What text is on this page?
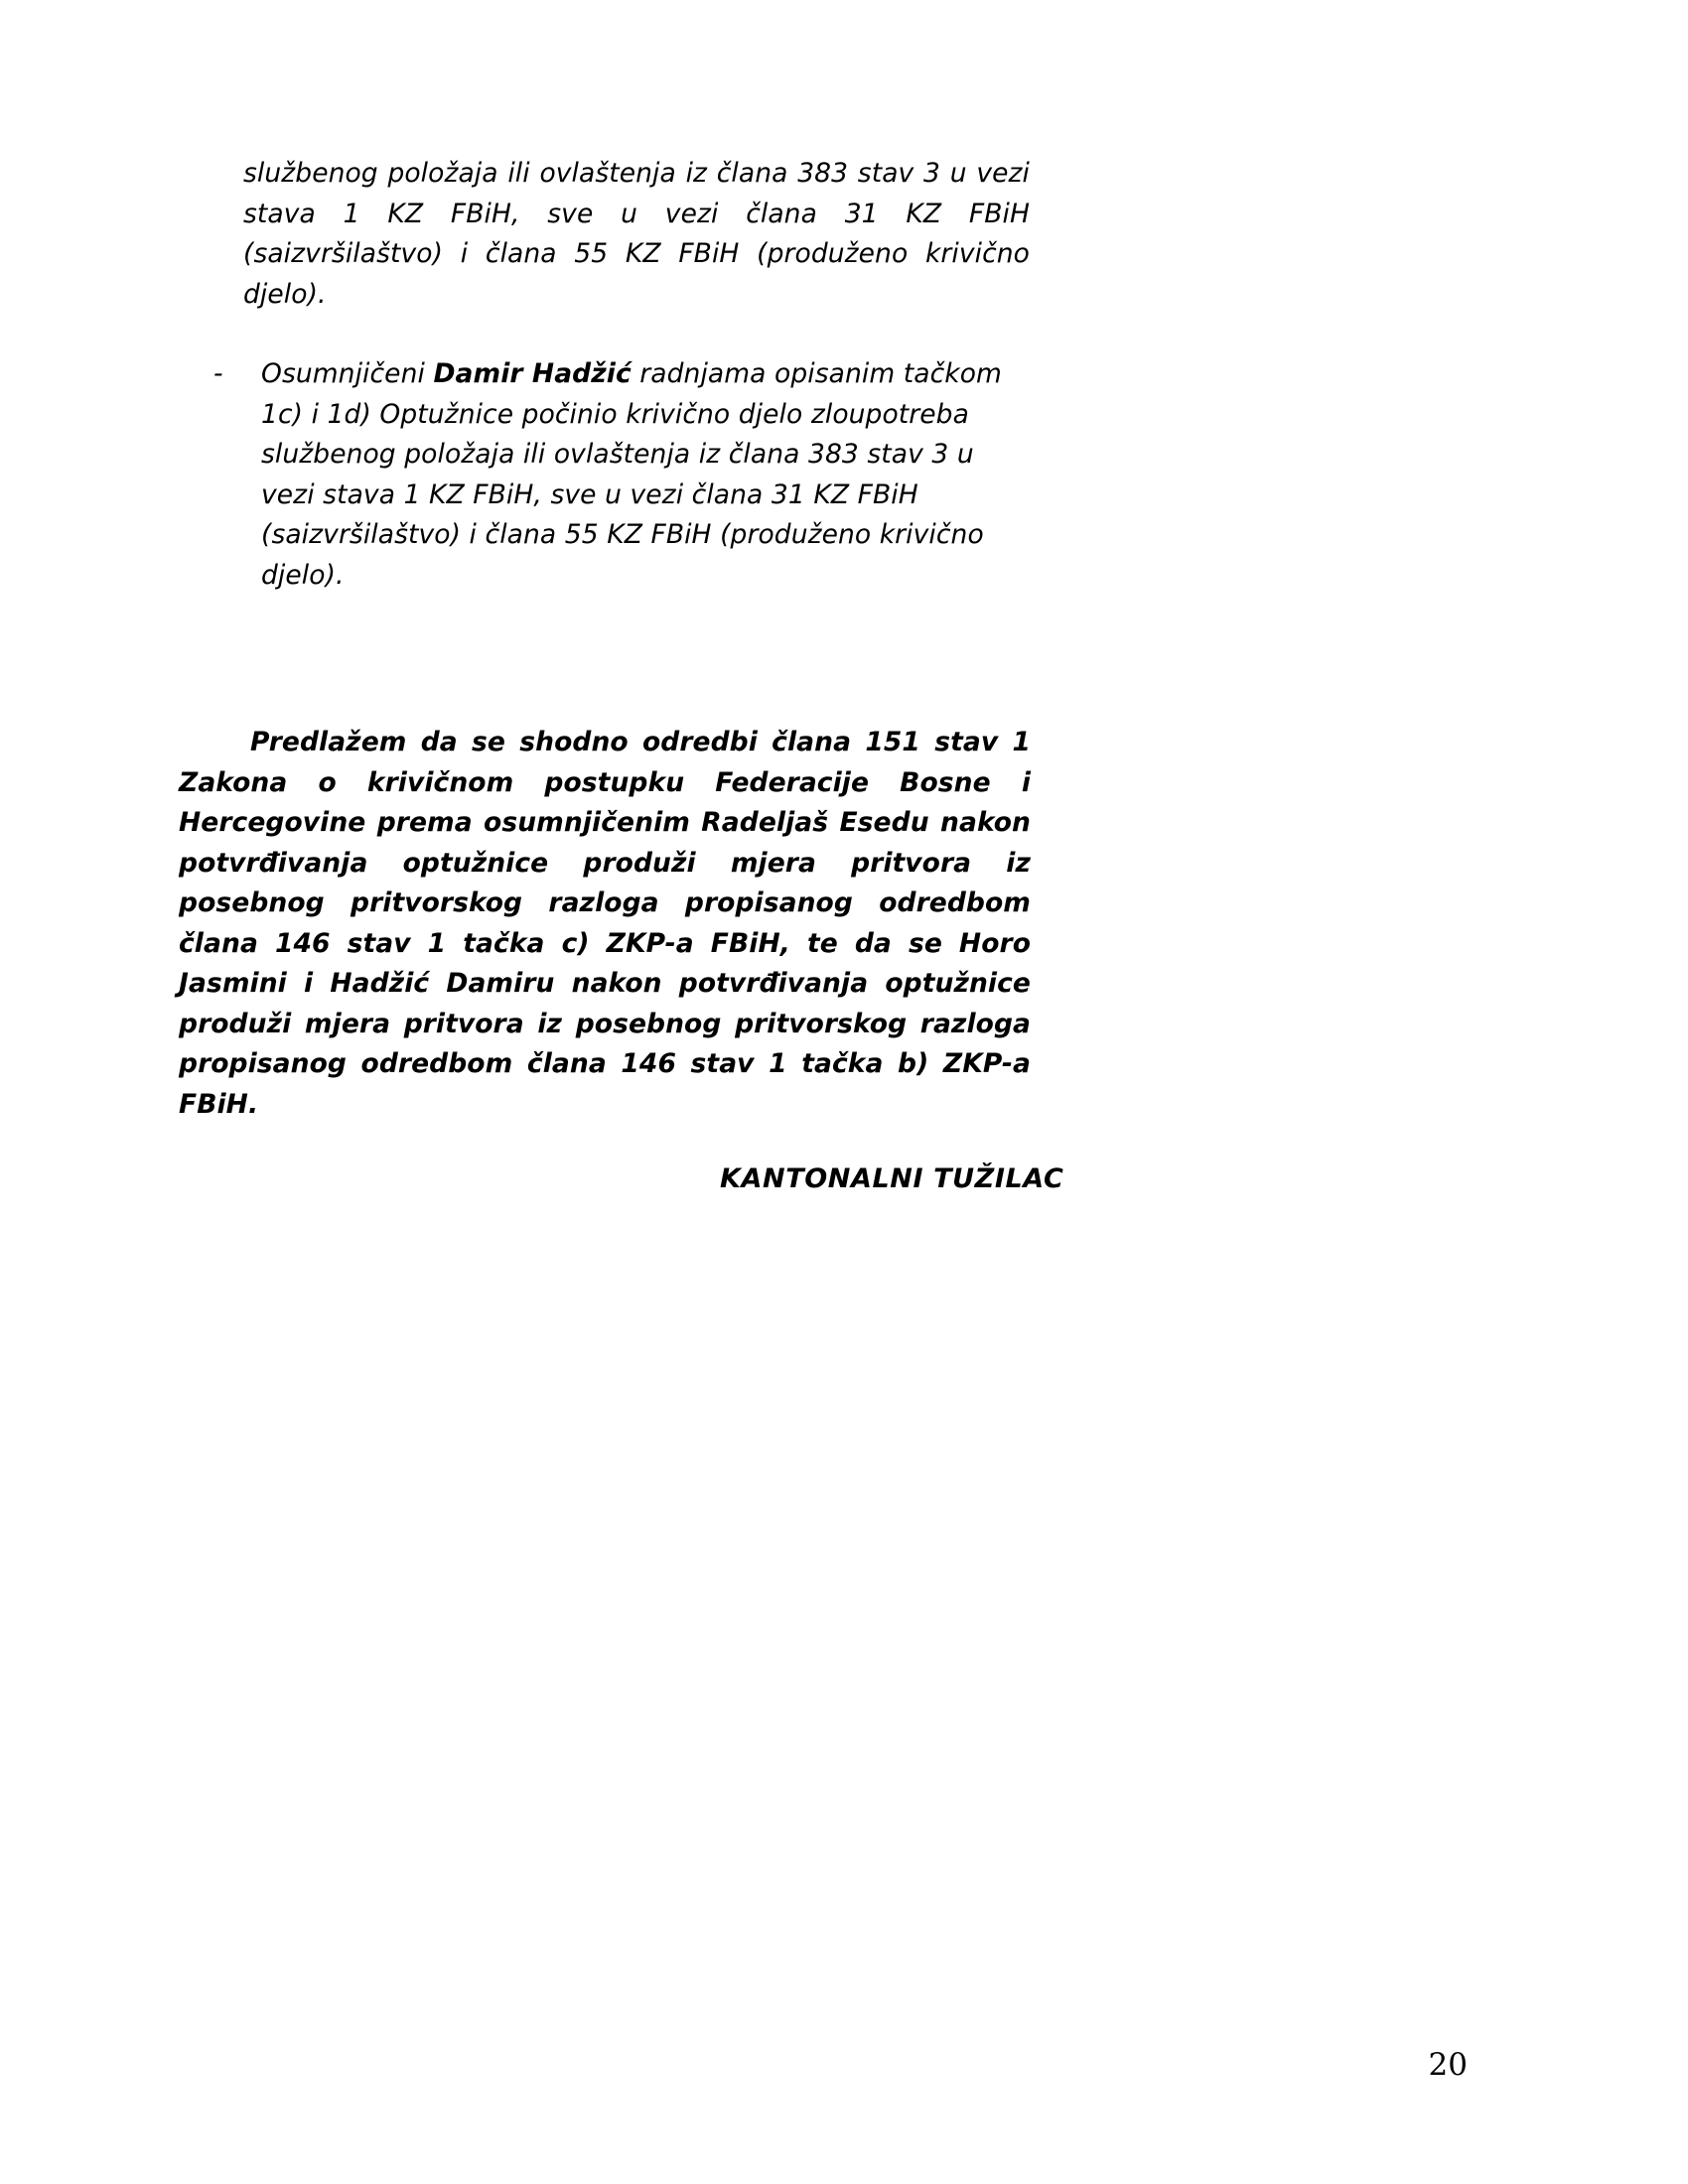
službenog položaja ili ovlaštenja iz člana 383 stav 3 u vezi stava 1 KZ FBiH, sve u vezi člana 31 KZ FBiH (saizvršilaštvo) i člana 55 KZ FBiH (produženo krivično djelo).

-	Osumnjičeni Damir Hadžić radnjama opisanim tačkom 1c) i 1d) Optužnice počinio krivično djelo zloupotreba službenog položaja ili ovlaštenja iz člana 383 stav 3 u vezi stava 1 KZ FBiH, sve u vezi člana 31 KZ FBiH (saizvršilaštvo) i člana 55 KZ FBiH (produženo krivično djelo).

Predlažem da se shodno odredbi člana 151 stav 1 Zakona o krivičnom postupku Federacije Bosne i Hercegovine prema osumnjičenim Radeljaš Esedu nakon potvrđivanja optužnice produži mjera pritvora iz posebnog pritvorskog razloga propisanog odredbom člana 146 stav 1 tačka c) ZKP-a FBiH, te da se Horo Jasmini i Hadžić Damiru nakon potvrđivanja optužnice produži mjera pritvora iz posebnog pritvorskog razloga propisanog odredbom člana 146 stav 1 tačka b) ZKP-a FBiH.

KANTONALNI TUŽILAC
20
